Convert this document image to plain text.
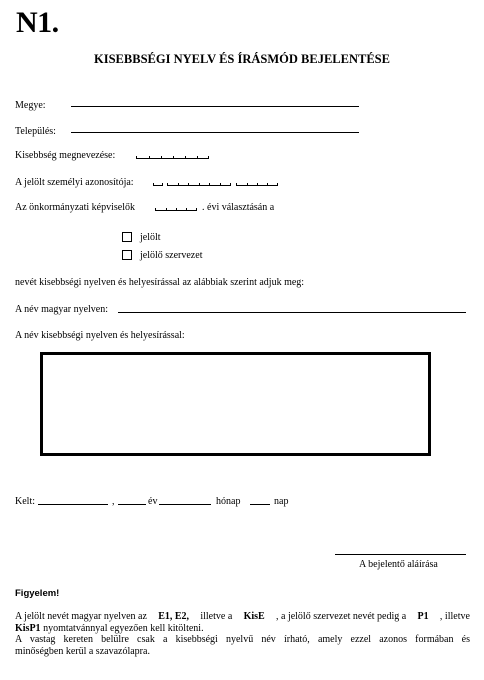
N1.
KISEBBSÉGI NYELV ÉS ÍRÁSMÓD BEJELENTÉSE
Megye:
Település:
Kisebbség megnevezése:
A jelölt személyi azonosítója:
Az önkormányzati képviselők	. évi választásán a
jelölt
jelölő szervezet
nevét kisebbségi nyelven és helyesírással az alábbiak szerint adjuk meg:
A név magyar nyelven:
A név kisebbségi nyelven és helyesírással:
Kelt:	,	év	hónap	nap
A bejelentő aláírása
Figyelem!
A jelölt nevét magyar nyelven az E1, E2, illetve a KisE , a jelölő szervezet nevét pedig a P1 , illetve
KisP1 nyomtatvánnyal egyezően kell kitölteni.
A vastag kereten belülre csak a kisebbségi nyelvű név írható, amely ezzel azonos formában és
minőségben kerül a szavazólapra.
